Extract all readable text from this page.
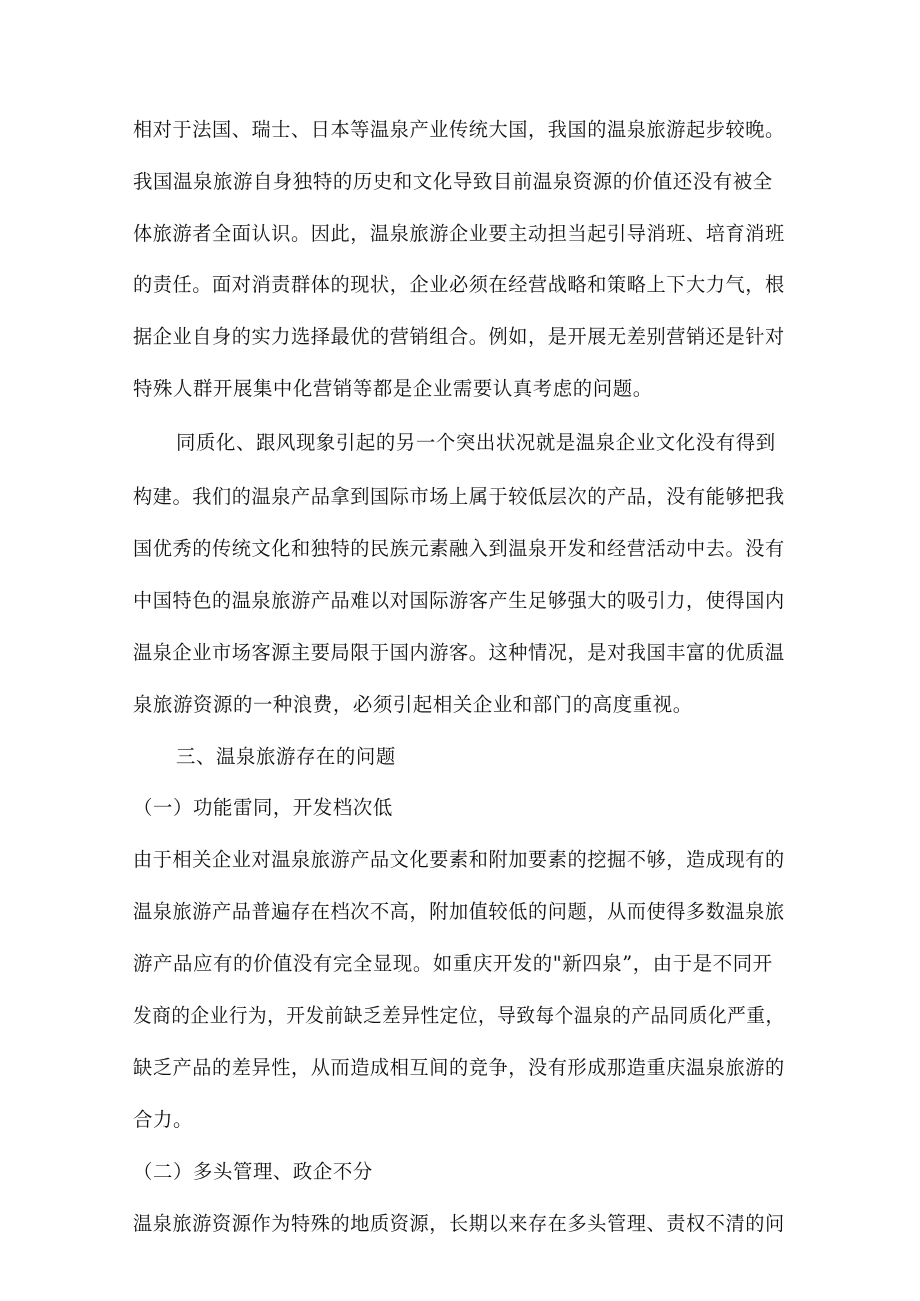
相对于法国、瑞士、日本等温泉产业传统大国，我国的温泉旅游起步较晚。
我国温泉旅游自身独特的历史和文化导致目前温泉资源的价值还没有被全
体旅游者全面认识。因此，温泉旅游企业要主动担当起引导消班、培育消班
的责任。面对消责群体的现状，企业必须在经营战略和策略上下大力气，根
据企业自身的实力选择最优的营销组合。例如，是开展无差别营销还是针对
特殊人群开展集中化营销等都是企业需要认真考虑的问题。
同质化、跟风现象引起的另一个突出状况就是温泉企业文化没有得到
构建。我们的温泉产品拿到国际市场上属于较低层次的产品，没有能够把我
国优秀的传统文化和独特的民族元素融入到温泉开发和经营活动中去。没有
中国特色的温泉旅游产品难以对国际游客产生足够强大的吸引力，使得国内
温泉企业市场客源主要局限于国内游客。这种情况，是对我国丰富的优质温
泉旅游资源的一种浪费，必须引起相关企业和部门的高度重视。
三、温泉旅游存在的问题
（一）功能雷同，开发档次低
由于相关企业对温泉旅游产品文化要素和附加要素的挖掘不够，造成现有的
温泉旅游产品普遍存在档次不高，附加值较低的问题，从而使得多数温泉旅
游产品应有的价值没有完全显现。如重庆开发的"新四泉”，由于是不同开
发商的企业行为，开发前缺乏差异性定位，导致每个温泉的产品同质化严重，
缺乏产品的差异性，从而造成相互间的竞争，没有形成那造重庆温泉旅游的
合力。
（二）多头管理、政企不分
温泉旅游资源作为特殊的地质资源，长期以来存在多头管理、责权不清的问
